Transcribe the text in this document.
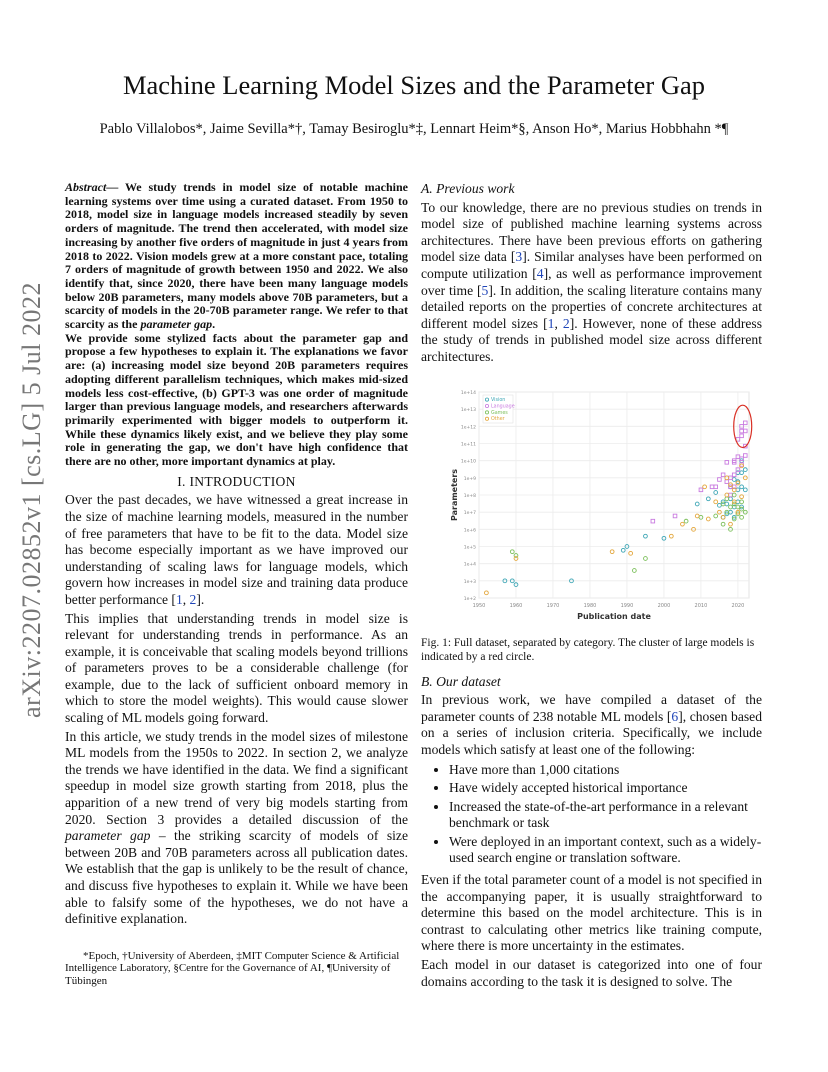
arXiv:2207.02852v1 [cs.LG] 5 Jul 2022
Machine Learning Model Sizes and the Parameter Gap
Pablo Villalobos*, Jaime Sevilla*†, Tamay Besiroglu*‡, Lennart Heim*§, Anson Ho*, Marius Hobbhahn *¶

Abstract— We study trends in model size of notable machine learning systems over time using a curated dataset. From 1950 to 2018, model size in language models increased steadily by seven orders of magnitude. The trend then accelerated, with model size increasing by another five orders of magnitude in just 4 years from 2018 to 2022. Vision models grew at a more constant pace, totaling 7 orders of magnitude of growth between 1950 and 2022. We also identify that, since 2020, there have been many language models below 20B parameters, many models above 70B parameters, but a scarcity of models in the 20-70B parameter range. We refer to that scarcity as the parameter gap.

We provide some stylized facts about the parameter gap and propose a few hypotheses to explain it. The explanations we favor are: (a) increasing model size beyond 20B parameters requires adopting different parallelism techniques, which makes mid-sized models less cost-effective, (b) GPT-3 was one order of magnitude larger than previous language models, and researchers afterwards primarily experimented with bigger models to outperform it. While these dynamics likely exist, and we believe they play some role in generating the gap, we don't have high confidence that there are no other, more important dynamics at play.

I. INTRODUCTION

Over the past decades, we have witnessed a great increase in the size of machine learning models, measured in the number of free parameters that have to be fit to the data. Model size has become especially important as we have improved our understanding of scaling laws for language models, which govern how increases in model size and training data produce better performance [1, 2].

This implies that understanding trends in model size is relevant for understanding trends in performance. As an example, it is conceivable that scaling models beyond trillions of parameters proves to be a considerable challenge (for example, due to the lack of sufficient onboard memory in which to store the model weights). This would cause slower scaling of ML models going forward.

In this article, we study trends in the model sizes of milestone ML models from the 1950s to 2022. In section 2, we analyze the trends we have identified in the data. We find a significant speedup in model size growth starting from 2018, plus the apparition of a new trend of very big models starting from 2020. Section 3 provides a detailed discussion of the parameter gap – the striking scarcity of models of size between 20B and 70B parameters across all publication dates. We establish that the gap is unlikely to be the result of chance, and discuss five hypotheses to explain it. While we have been able to falsify some of the hypotheses, we do not have a definitive explanation.

*Epoch, †University of Aberdeen, ‡MIT Computer Science & Artificial Intelligence Laboratory, §Centre for the Governance of AI, ¶University of Tübingen
A. Previous work

To our knowledge, there are no previous studies on trends in model size of published machine learning systems across architectures. There have been previous efforts on gathering model size data [3]. Similar analyses have been performed on compute utilization [4], as well as performance improvement over time [5]. In addition, the scaling literature contains many detailed reports on the properties of concrete architectures at different model sizes [1, 2]. However, none of these address the study of trends in published model size across different architectures.

1e+14
1e+13
1e+12
1e+11
1e+10
1e+9
1e+8
1e+7
1e+6
1e+5
1e+4
1e+3
1e+2
1950	1960	1970	1980	1990	2000	2010	2020
Publication date
Parameters
Vision
Language
Games
Other
Fig. 1: Full dataset, separated by category. The cluster of large models is indicated by a red circle.
B. Our dataset

In previous work, we have compiled a dataset of the parameter counts of 238 notable ML models [6], chosen based on a series of inclusion criteria. Specifically, we include models which satisfy at least one of the following:

• Have more than 1,000 citations
• Have widely accepted historical importance
• Increased the state-of-the-art performance in a relevant benchmark or task
• Were deployed in an important context, such as a widely-used search engine or translation software.

Even if the total parameter count of a model is not specified in the accompanying paper, it is usually straightforward to determine this based on the model architecture. This is in contrast to calculating other metrics like training compute, where there is more uncertainty in the estimates.

Each model in our dataset is categorized into one of four domains according to the task it is designed to solve. The
